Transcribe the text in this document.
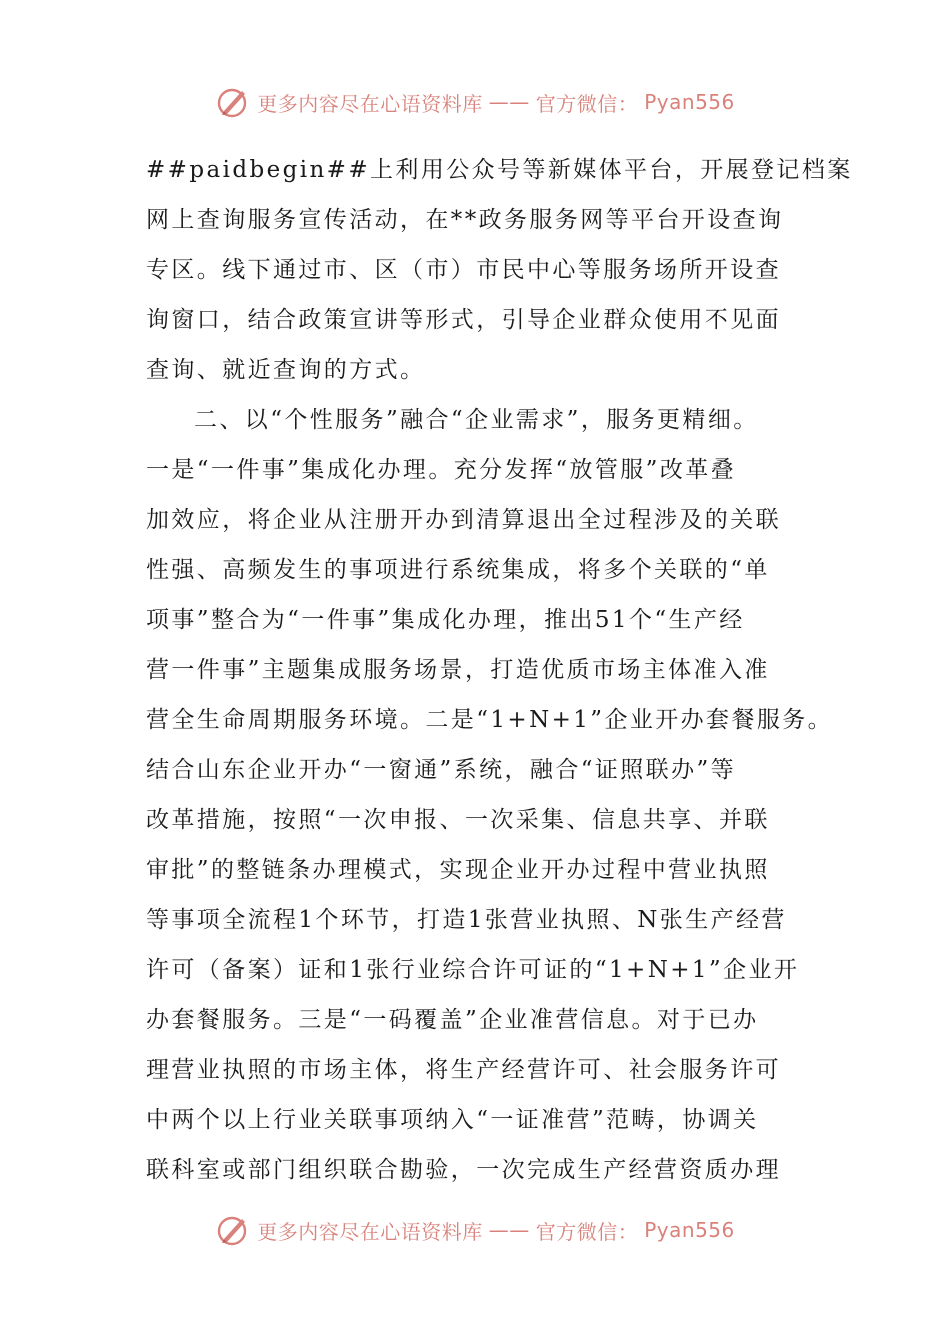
更多内容尽在心语资料库 —— 官方微信： Pyan556
##paidbegin##上利用公众号等新媒体平台，开展登记档案
网上查询服务宣传活动，在**政务服务网等平台开设查询
专区。线下通过市、区（市）市民中心等服务场所开设查
询窗口，结合政策宣讲等形式，引导企业群众使用不见面
查询、就近查询的方式。
二、以“个性服务”融合“企业需求”，服务更精细。
一是“一件事”集成化办理。充分发挥“放管服”改革叠
加效应，将企业从注册开办到清算退出全过程涉及的关联
性强、高频发生的事项进行系统集成，将多个关联的“单
项事”整合为“一件事”集成化办理，推出51个“生产经
营一件事”主题集成服务场景，打造优质市场主体准入准
营全生命周期服务环境。二是“1+N+1”企业开办套餐服务。
结合山东企业开办“一窗通”系统，融合“证照联办”等
改革措施，按照“一次申报、一次采集、信息共享、并联
审批”的整链条办理模式，实现企业开办过程中营业执照
等事项全流程1个环节，打造1张营业执照、N张生产经营
许可（备案）证和1张行业综合许可证的“1+N+1”企业开
办套餐服务。三是“一码覆盖”企业准营信息。对于已办
理营业执照的市场主体，将生产经营许可、社会服务许可
中两个以上行业关联事项纳入“一证准营”范畴，协调关
联科室或部门组织联合勘验，一次完成生产经营资质办理
更多内容尽在心语资料库 —— 官方微信： Pyan556
